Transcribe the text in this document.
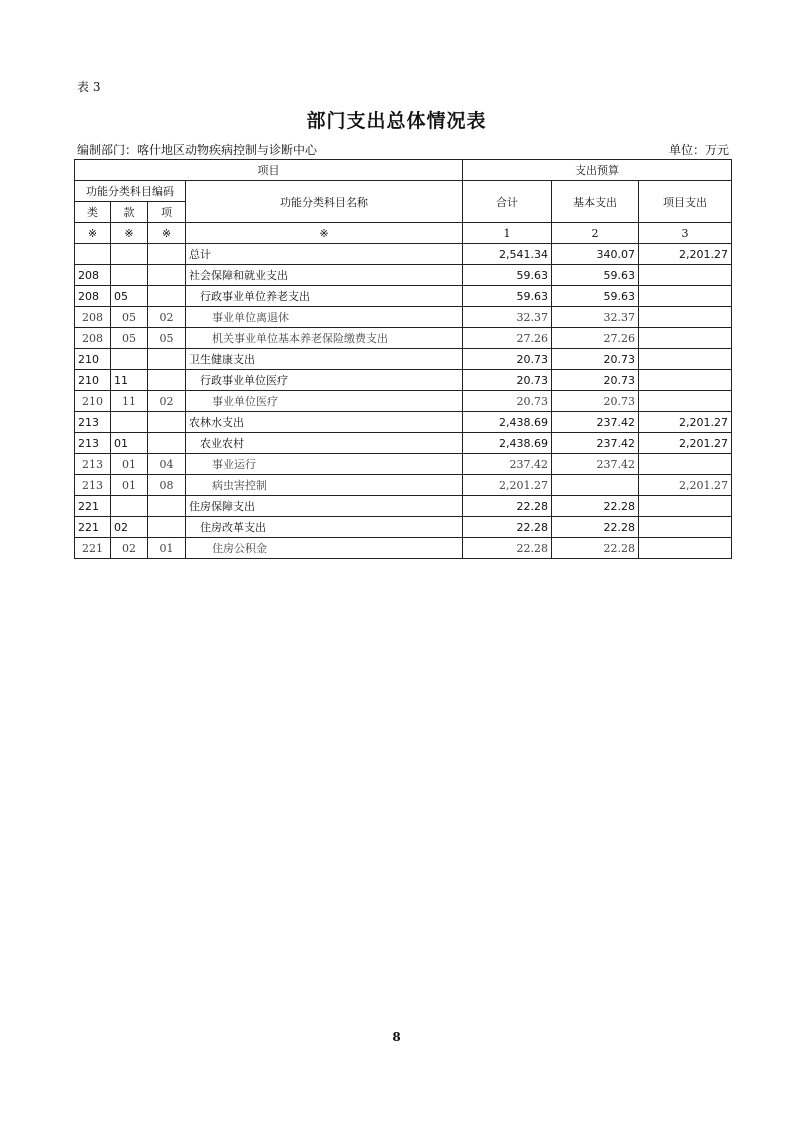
表 3
部门支出总体情况表
编制部门：喀什地区动物疾病控制与诊断中心	单位：万元
项目				支出预算		
功能分类科目编码			功能分类科目名称	合计	基本支出	项目支出
类	款	项				
※	※	※	※	1	2	3
			总计	2,541.34	340.07	2,201.27
208			社会保障和就业支出	59.63	59.63	
208	05		行政事业单位养老支出	59.63	59.63	
208	05	02	事业单位离退休	32.37	32.37	
208	05	05	机关事业单位基本养老保险缴费支出	27.26	27.26	
210			卫生健康支出	20.73	20.73	
210	11		行政事业单位医疗	20.73	20.73	
210	11	02	事业单位医疗	20.73	20.73	
213			农林水支出	2,438.69	237.42	2,201.27
213	01		农业农村	2,438.69	237.42	2,201.27
213	01	04	事业运行	237.42	237.42	
213	01	08	病虫害控制	2,201.27		2,201.27
221			住房保障支出	22.28	22.28	
221	02		住房改革支出	22.28	22.28	
221	02	01	住房公积金	22.28	22.28	
8
